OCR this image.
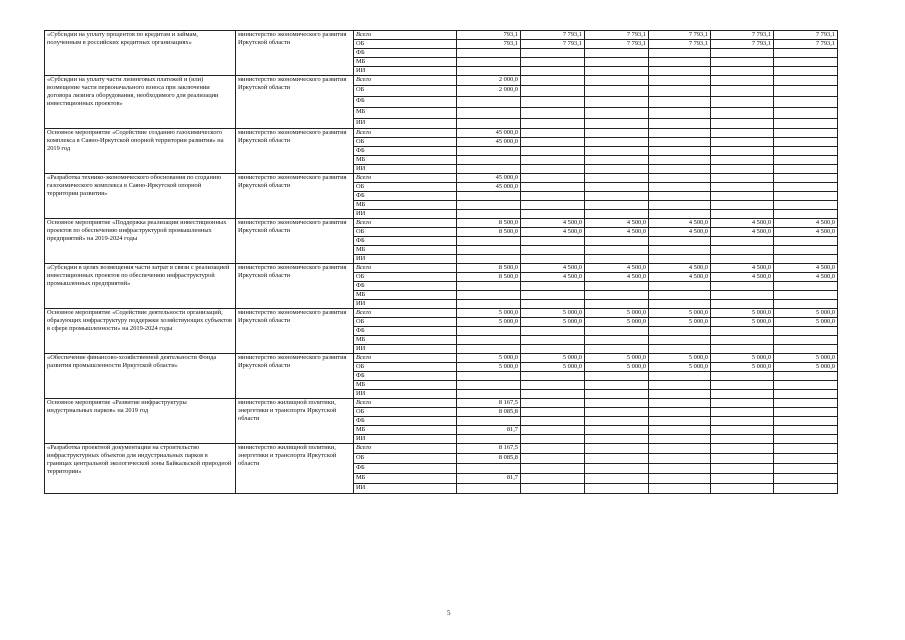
«Субсидии на уплату процентов по кредитам и займам, полученным в российских кредитных организациях»	министерство экономического развития Иркутской области	Всего	793,1	7 793,1	7 793,1	7 793,1	7 793,1	7 793,1
		ОБ	793,1	7 793,1	7 793,1	7 793,1	7 793,1	7 793,1
		ФБ						
		МБ						
		ИИ						
«Субсидии на уплату части лизинговых платежей и (или) возмещение части первоначального взноса при заключении договора лизинга оборудования, необходимого для реализации инвестиционных проектов»	министерство экономического развития Иркутской области	Всего	2 000,0					
		ОБ	2 000,0					
		ФБ						
		МБ						
		ИИ						
Основное мероприятие «Содействие созданию газохимического комплекса в Саяно-Иркутской опорной территории развития» на 2019 год	министерство экономического развития Иркутской области	Всего	45 000,0					
		ОБ	45 000,0					
		ФБ						
		МБ						
		ИИ						
«Разработка технико-экономического обоснования по созданию газохимического комплекса в Саяно-Иркутской опорной территории развития»	министерство экономического развития Иркутской области	Всего	45 000,0					
		ОБ	45 000,0					
		ФБ						
		МБ						
		ИИ						
Основное мероприятие «Поддержка реализации инвестиционных проектов по обеспечению инфраструктурой промышленных предприятий» на 2019-2024 годы	министерство экономического развития Иркутской области	Всего	8 500,0	4 500,0	4 500,0	4 500,0	4 500,0	4 500,0
		ОБ	8 500,0	4 500,0	4 500,0	4 500,0	4 500,0	4 500,0
		ФБ						
		МБ						
		ИИ						
«Субсидии в целях возмещения части затрат в связи с реализацией инвестиционных проектов по обеспечению инфраструктурой промышленных предприятий»	министерство экономического развития Иркутской области	Всего	8 500,0	4 500,0	4 500,0	4 500,0	4 500,0	4 500,0
		ОБ	8 500,0	4 500,0	4 500,0	4 500,0	4 500,0	4 500,0
		ФБ						
		МБ						
		ИИ						
Основное мероприятие «Содействие деятельности организаций, образующих инфраструктуру поддержки хозяйствующих субъектов в сфере промышленности» на 2019-2024 годы	министерство экономического развития Иркутской области	Всего	5 000,0	5 000,0	5 000,0	5 000,0	5 000,0	5 000,0
		ОБ	5 000,0	5 000,0	5 000,0	5 000,0	5 000,0	5 000,0
		ФБ						
		МБ						
		ИИ						
«Обеспечение финансово-хозяйственной деятельности Фонда развития промышленности Иркутской области»	министерство экономического развития Иркутской области	Всего	5 000,0	5 000,0	5 000,0	5 000,0	5 000,0	5 000,0
		ОБ	5 000,0	5 000,0	5 000,0	5 000,0	5 000,0	5 000,0
		ФБ						
		МБ						
		ИИ						
Основное мероприятие «Развитие инфраструктуры индустриальных парков» на 2019 год	министерство жилищной политики, энергетики и транспорта Иркутской области	Всего	8 167,5					
		ОБ	8 085,8					
		ФБ						
		МБ	81,7					
		ИИ						
«Разработка проектной документации на строительство инфраструктурных объектов для индустриальных парков в границах центральной экологической зоны Байкальской природной территории»	министерство жилищной политики, энергетики и транспорта Иркутской области	Всего	8 167,5					
		ОБ	8 085,8					
		ФБ						
		МБ	81,7					
		ИИ						
5
